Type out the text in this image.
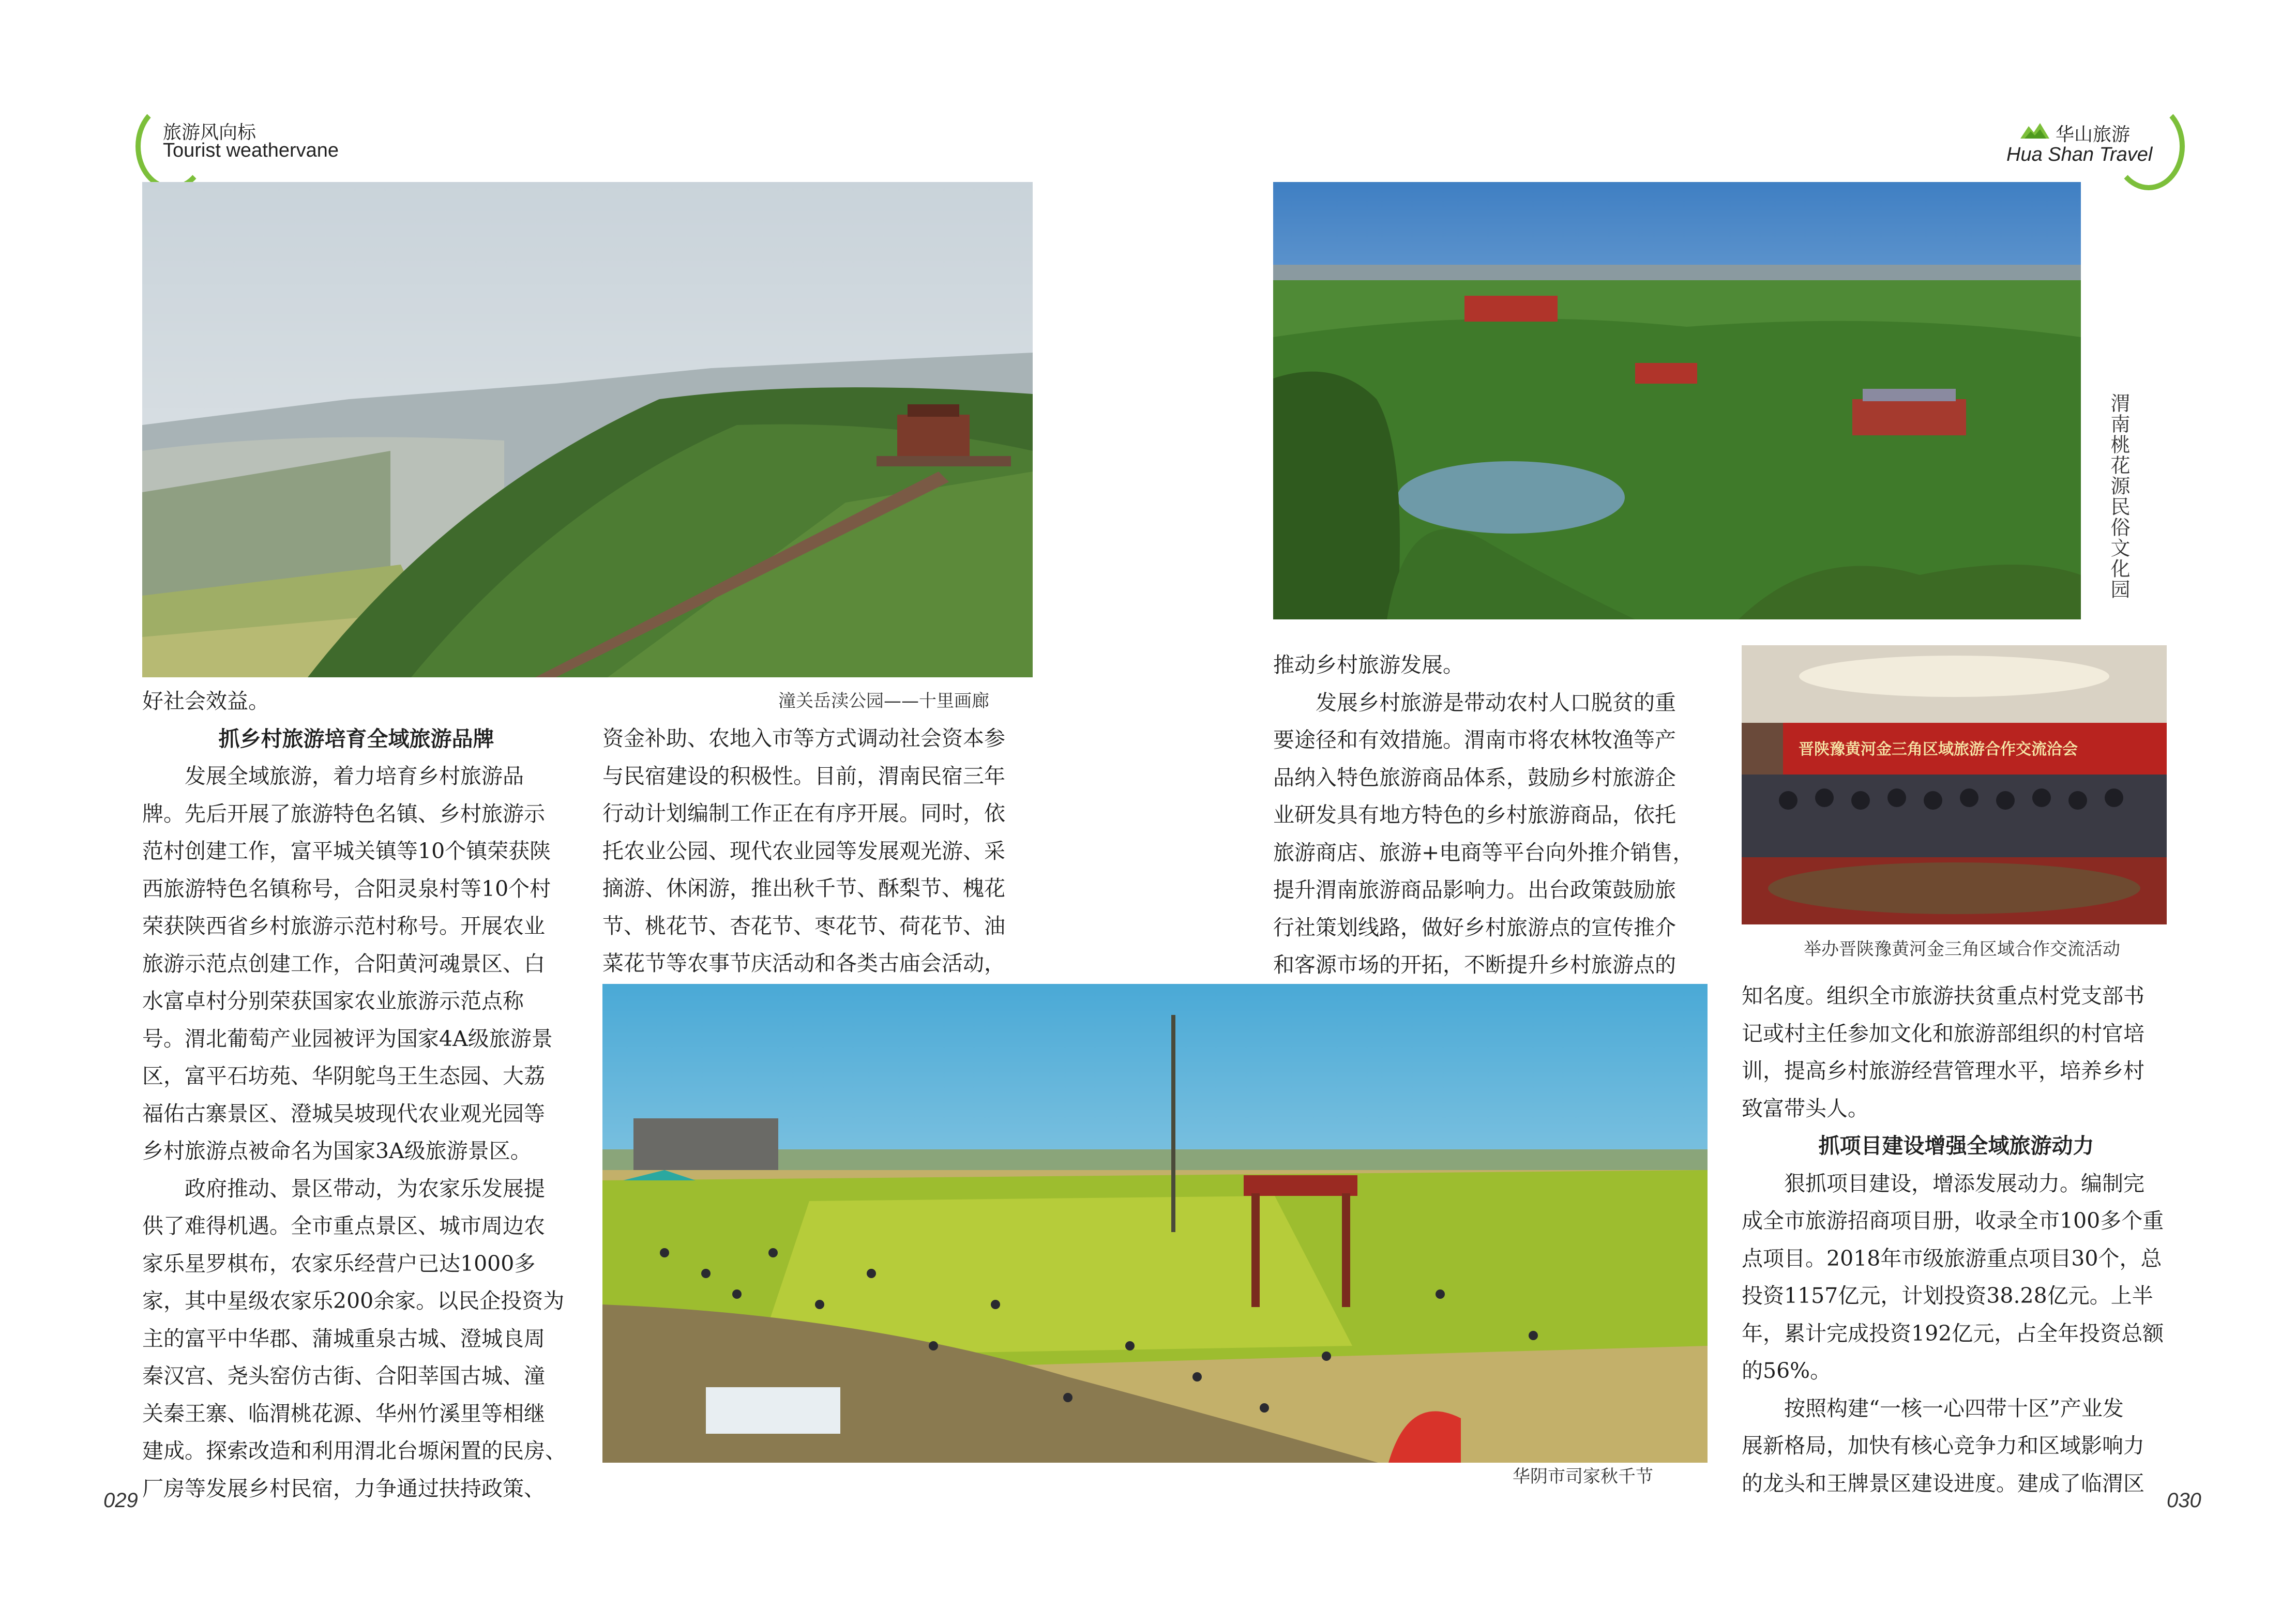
旅游风向标
Tourist weathervane
华山旅游
Hua Shan Travel
潼关岳渎公园——十里画廊
渭南桃花源民俗文化园
晋陕豫黄河金三角区域旅游合作交流洽会
举办晋陕豫黄河金三角区域合作交流活动
华阴市司家秋千节
好社会效益。
抓乡村旅游培育全域旅游品牌
发展全域旅游，着力培育乡村旅游品
牌。先后开展了旅游特色名镇、乡村旅游示
范村创建工作，富平城关镇等10个镇荣获陕
西旅游特色名镇称号，合阳灵泉村等10个村
荣获陕西省乡村旅游示范村称号。开展农业
旅游示范点创建工作，合阳黄河魂景区、白
水富卓村分别荣获国家农业旅游示范点称
号。渭北葡萄产业园被评为国家4A级旅游景
区，富平石坊苑、华阴鸵鸟王生态园、大荔
福佑古寨景区、澄城吴坡现代农业观光园等
乡村旅游点被命名为国家3A级旅游景区。
政府推动、景区带动，为农家乐发展提
供了难得机遇。全市重点景区、城市周边农
家乐星罗棋布，农家乐经营户已达1000多
家，其中星级农家乐200余家。以民企投资为
主的富平中华郡、蒲城重泉古城、澄城良周
秦汉宫、尧头窑仿古街、合阳莘国古城、潼
关秦王寨、临渭桃花源、华州竹溪里等相继
建成。探索改造和利用渭北台塬闲置的民房、
厂房等发展乡村民宿，力争通过扶持政策、
资金补助、农地入市等方式调动社会资本参
与民宿建设的积极性。目前，渭南民宿三年
行动计划编制工作正在有序开展。同时，依
托农业公园、现代农业园等发展观光游、采
摘游、休闲游，推出秋千节、酥梨节、槐花
节、桃花节、杏花节、枣花节、荷花节、油
菜花节等农事节庆活动和各类古庙会活动，
推动乡村旅游发展。
发展乡村旅游是带动农村人口脱贫的重
要途径和有效措施。渭南市将农林牧渔等产
品纳入特色旅游商品体系，鼓励乡村旅游企
业研发具有地方特色的乡村旅游商品，依托
旅游商店、旅游+电商等平台向外推介销售，
提升渭南旅游商品影响力。出台政策鼓励旅
行社策划线路，做好乡村旅游点的宣传推介
和客源市场的开拓，不断提升乡村旅游点的
知名度。组织全市旅游扶贫重点村党支部书
记或村主任参加文化和旅游部组织的村官培
训，提高乡村旅游经营管理水平，培养乡村
致富带头人。
抓项目建设增强全域旅游动力
狠抓项目建设，增添发展动力。编制完
成全市旅游招商项目册，收录全市100多个重
点项目。2018年市级旅游重点项目30个，总
投资1157亿元，计划投资38.28亿元。上半
年，累计完成投资192亿元，占全年投资总额
的56%。
按照构建“一核一心四带十区”产业发
展新格局，加快有核心竞争力和区域影响力
的龙头和王牌景区建设进度。建成了临渭区
029	030
